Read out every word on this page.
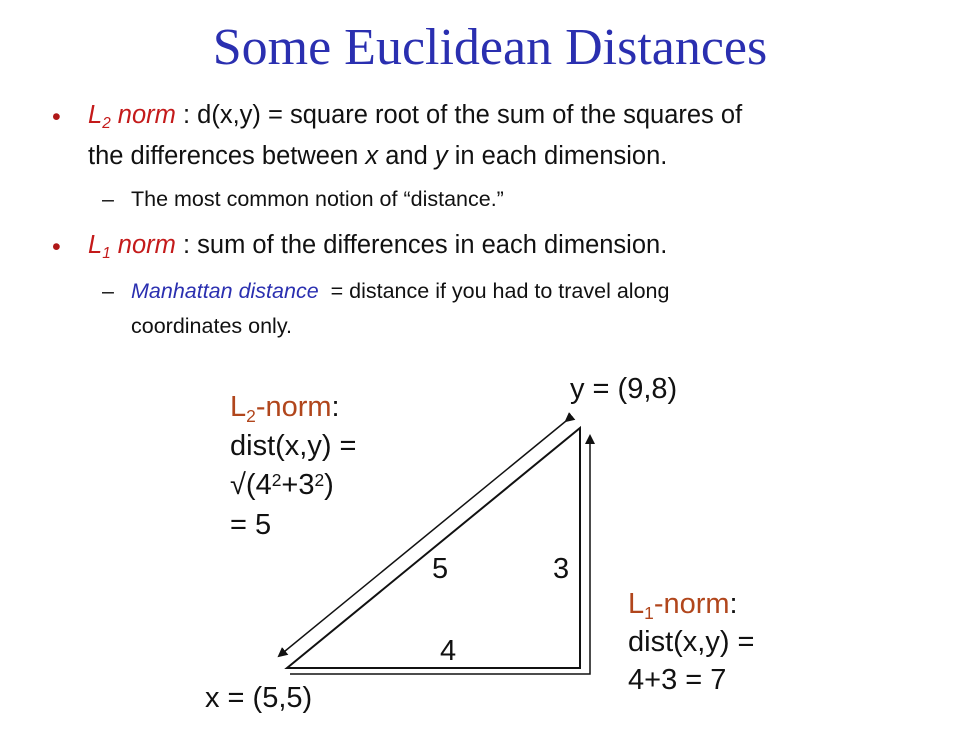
Some Euclidean Distances
• $L_2$ norm : d(x,y) = square root of the sum of the squares of
the differences between x and y in each dimension.
– The most common notion of “distance.”
• $L_1$ norm : sum of the differences in each dimension.
– Manhattan distance = distance if you had to travel along
coordinates only.
y = (9,8)
x = (5,5)
5	3
4
$L_2$-norm:
dist(x,y) =
$√(4^2+3^2)$
= 5
$L_1$-norm:
dist(x,y) =
4+3 = 7
